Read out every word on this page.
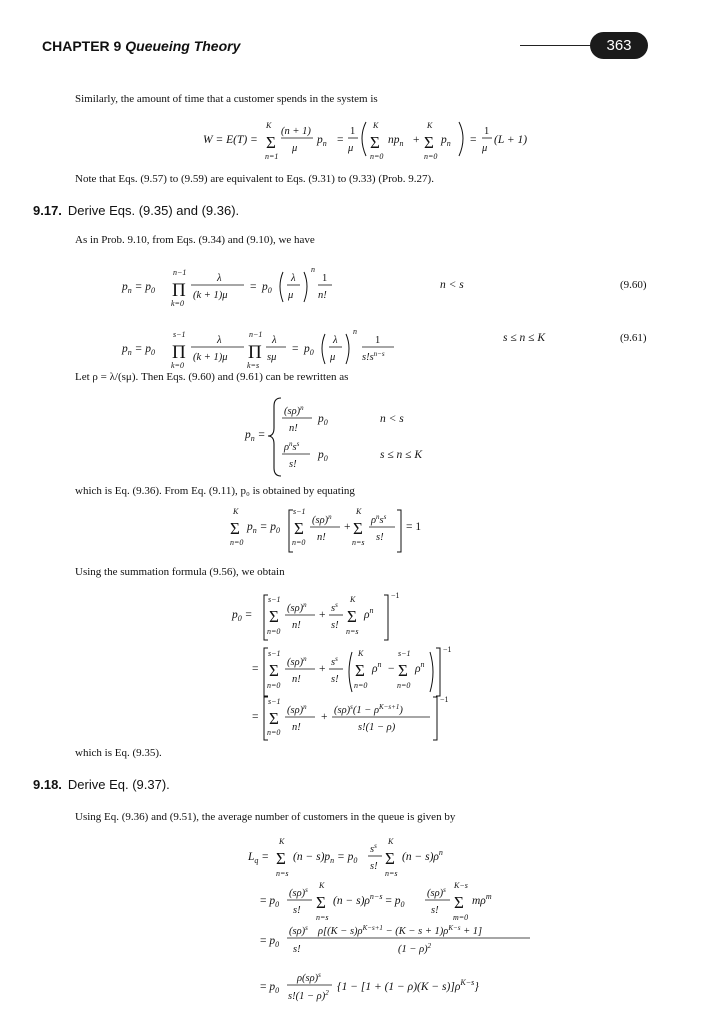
CHAPTER 9 Queueing Theory	363
Similarly, the amount of time that a customer spends in the system is
W = E(T) = Σ
K
n=1
(n + 1)
μ
$p_n$ =
1
μ Σ
K
n=0
$np_n + \Sigma$
K
n=0
$p_n$ =
1
μ
(L + 1)
$p_n = p_0$ Π
n−1
k=0
λ
(k + 1)μ
= $p_0$
λ
μ
n
1
n!
$p_n = p_0$ Π
s−1
k=0
λ
(k + 1)μ Π
n−1
k=s
λ
sμ
= $p_0$
λ
μ
n
1
$s!s^{n-s}$
$p_n$ =
$(s\rho)^n$
n!
$p_0$	n < s
$\rho^ns^s$
s!
$p_0$	s ≤ n ≤ K
Σ
K
n=0
$p_n = p_0$ Σ
s−1
n=0
$(s\rho)^n$
n!
+ Σ
K
n=s
$\rho^ns^s$
s!
= 1
$p_0 = \Sigma$
s−1
n=0
$(s\rho)^n$
n!
+
$s^s$
s! Σ
K
n=s
$\rho^n$
−1
= Σ
s−1
n=0
$(s\rho)^n$
n!
+
$s^s$
s! Σ
K
n=0
$\rho^n - \Sigma$
s−1
n=0
$\rho^n$
−1
= Σ
s−1
n=0
$(s\rho)^n$
n!
+
$(s\rho)^s(1 - \rho^{K-s+1})$
s!(1 − ρ)
−1
$L_q = \Sigma$
K
n=s
$(n - s)p_n = p_0$
$s^s$
s! Σ
K
n=s
$(n - s)\rho^n$
= $p_0$
$(s\rho)^s$
s! Σ
K
n=s
$(n - s)\rho^{n-s} = p_0$
$(s\rho)^s$
s! Σ
K−s
m=0
$m\rho^m$
= $p_0$
$(s\rho)^s$
s!
$\rho[(K - s)\rho^{K-s+1} - (K - s + 1)\rho^{K-s} + 1]$
$(1 - \rho)^2$
= $p_0$
$\rho(s\rho)^s$
$s!(1 - \rho)^2$ $\{1 - [1 + (1 - \rho)(K - s)]\rho^{K-s}\}$
Note that Eqs. (9.57) to (9.59) are equivalent to Eqs. (9.31) to (9.33) (Prob. 9.27).
9.17. Derive Eqs. (9.35) and (9.36).
As in Prob. 9.10, from Eqs. (9.34) and (9.10), we have
n < s	(9.60)
s ≤ n ≤ K	(9.61)
Let ρ = λ/(sμ). Then Eqs. (9.60) and (9.61) can be rewritten as
which is Eq. (9.36). From Eq. (9.11), p₀ is obtained by equating
Using the summation formula (9.56), we obtain
which is Eq. (9.35).
9.18. Derive Eq. (9.37).
Using Eq. (9.36) and (9.51), the average number of customers in the queue is given by
